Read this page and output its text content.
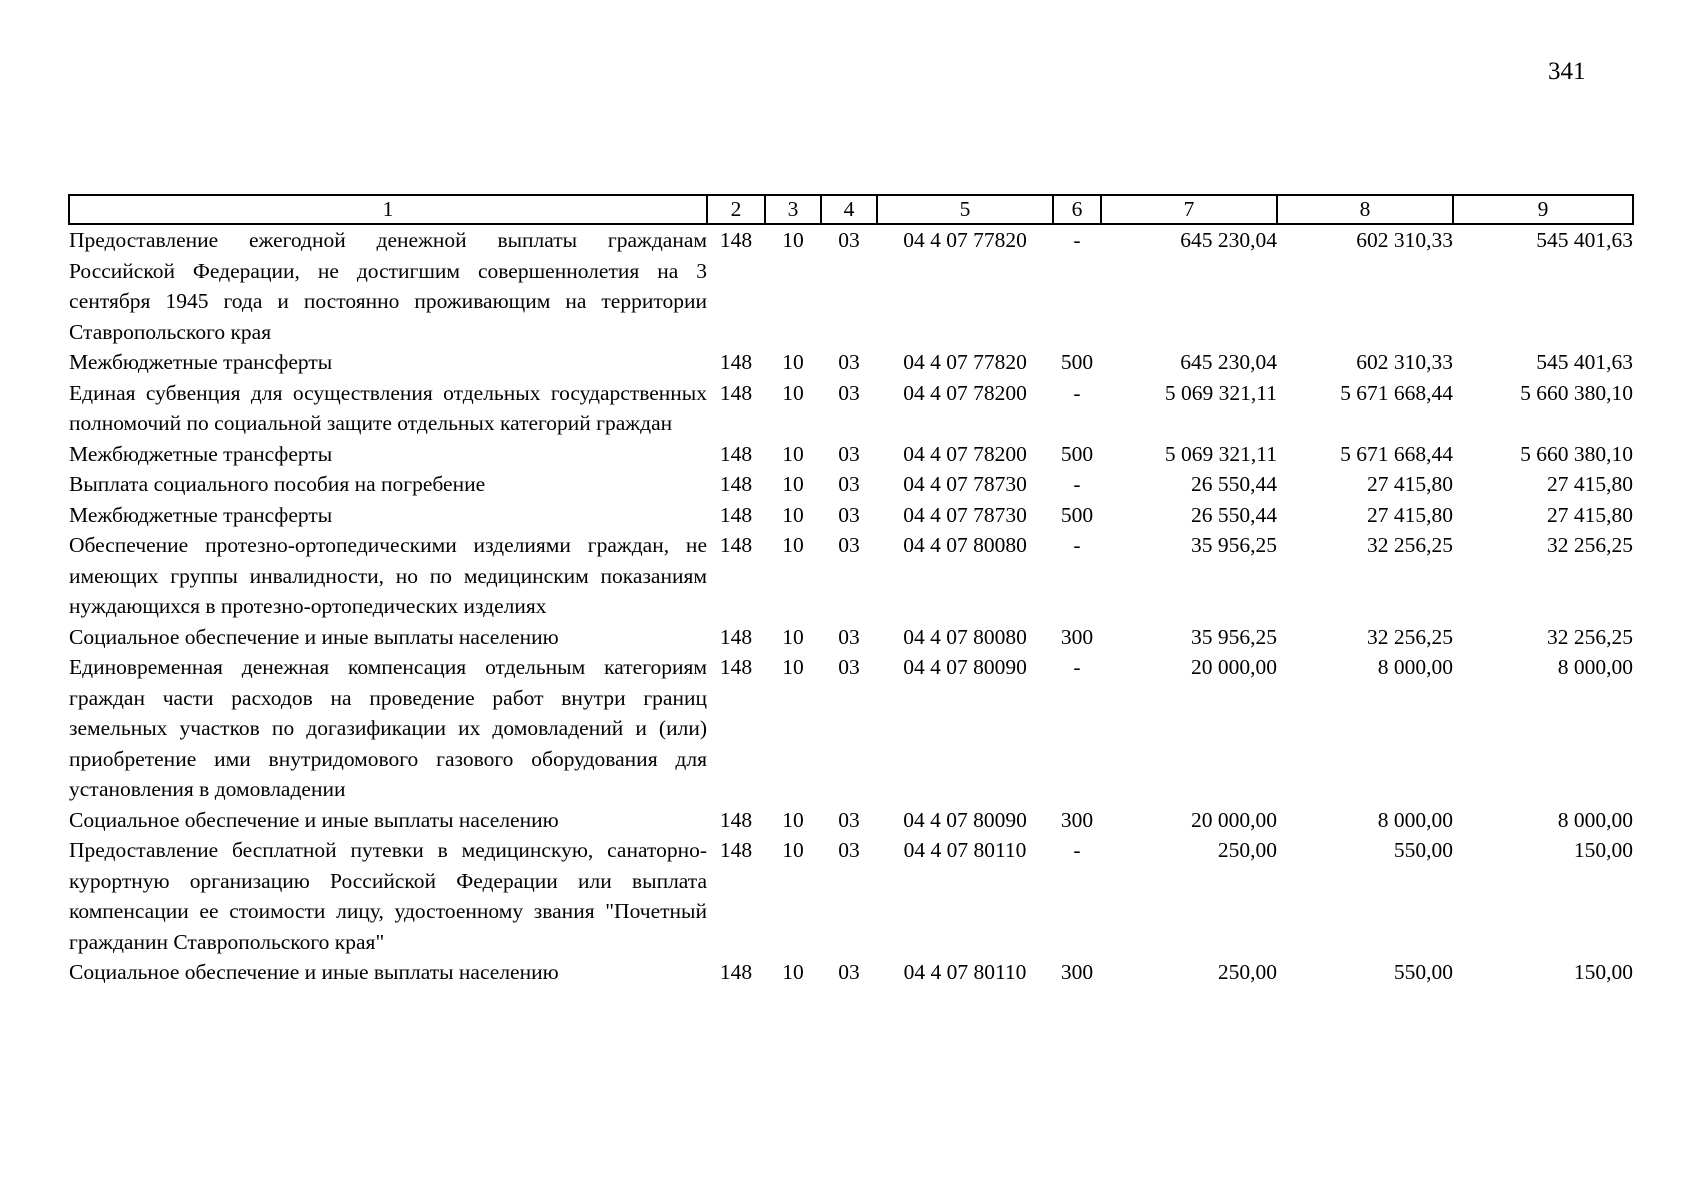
341
1	2	3	4	5	6	7	8	9
Предоставление ежегодной денежной выплаты гражданам Российской Федерации, не достигшим совершеннолетия на 3 сентября 1945 года и постоянно проживающим на территории Ставропольского края	148	10	03	04 4 07 77820	-	645 230,04	602 310,33	545 401,63
Межбюджетные трансферты	148	10	03	04 4 07 77820	500	645 230,04	602 310,33	545 401,63
Единая субвенция для осуществления отдельных государственных полномочий по социальной защите отдельных категорий граждан	148	10	03	04 4 07 78200	-	5 069 321,11	5 671 668,44	5 660 380,10
Межбюджетные трансферты	148	10	03	04 4 07 78200	500	5 069 321,11	5 671 668,44	5 660 380,10
Выплата социального пособия на погребение	148	10	03	04 4 07 78730	-	26 550,44	27 415,80	27 415,80
Межбюджетные трансферты	148	10	03	04 4 07 78730	500	26 550,44	27 415,80	27 415,80
Обеспечение протезно-ортопедическими изделиями граждан, не имеющих группы инвалидности, но по медицинским показаниям нуждающихся в протезно-ортопедических изделиях	148	10	03	04 4 07 80080	-	35 956,25	32 256,25	32 256,25
Социальное обеспечение и иные выплаты населению	148	10	03	04 4 07 80080	300	35 956,25	32 256,25	32 256,25
Единовременная денежная компенсация отдельным категориям граждан части расходов на проведение работ внутри границ земельных участков по догазификации их домовладений и (или) приобретение ими внутридомового газового оборудования для установления в домовладении	148	10	03	04 4 07 80090	-	20 000,00	8 000,00	8 000,00
Социальное обеспечение и иные выплаты населению	148	10	03	04 4 07 80090	300	20 000,00	8 000,00	8 000,00
Предоставление бесплатной путевки в медицинскую, санаторно-курортную организацию Российской Федерации или выплата компенсации ее стоимости лицу, удостоенному звания "Почетный гражданин Ставропольского края"	148	10	03	04 4 07 80110	-	250,00	550,00	150,00
Социальное обеспечение и иные выплаты населению	148	10	03	04 4 07 80110	300	250,00	550,00	150,00
